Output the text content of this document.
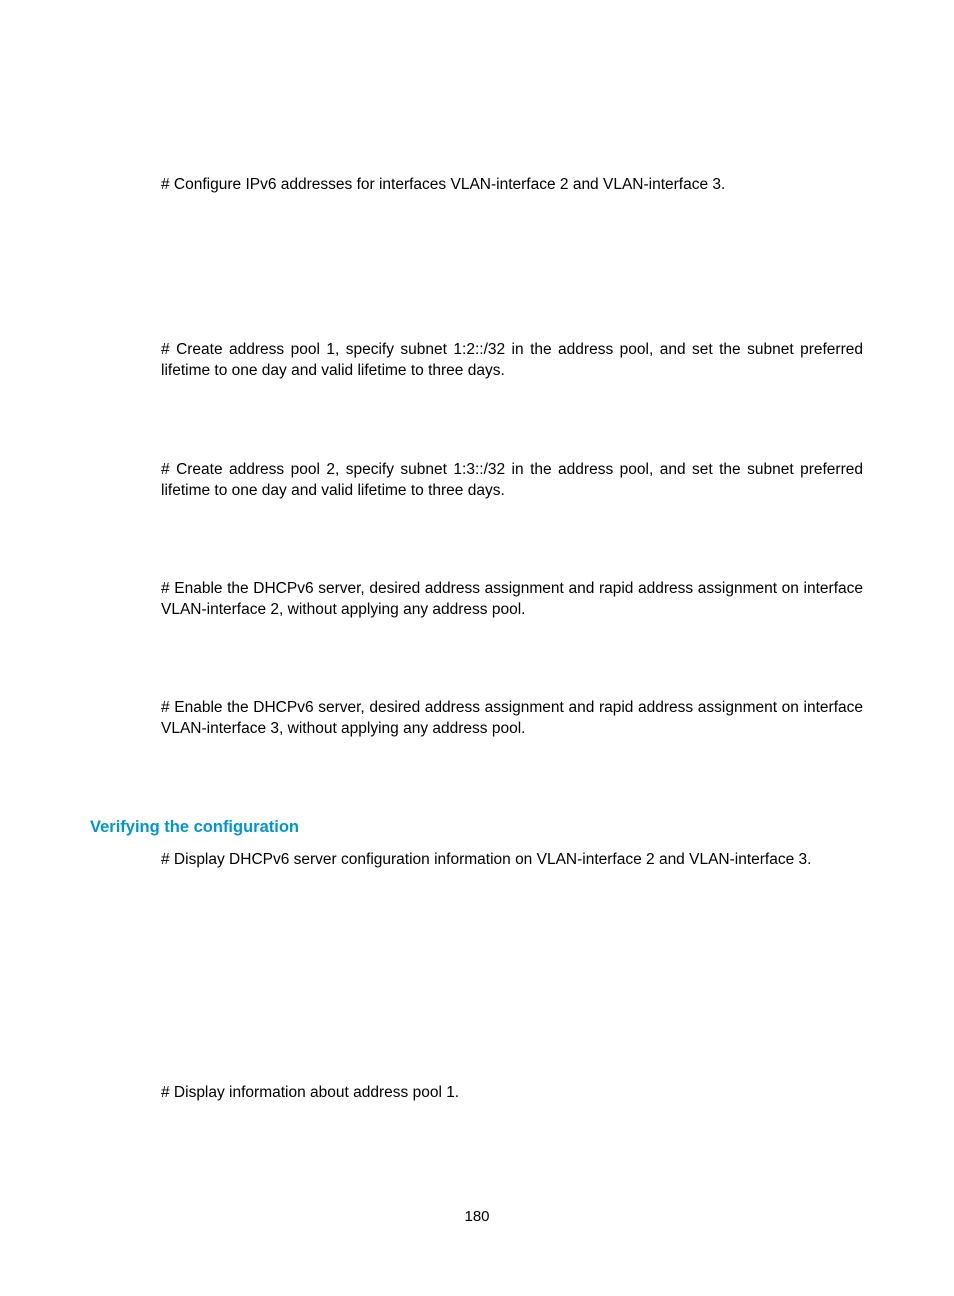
# Configure IPv6 addresses for interfaces VLAN-interface 2 and VLAN-interface 3.

# Create address pool 1, specify subnet 1:2::/32 in the address pool, and set the subnet preferred lifetime to one day and valid lifetime to three days.

# Create address pool 2, specify subnet 1:3::/32 in the address pool, and set the subnet preferred lifetime to one day and valid lifetime to three days.

# Enable the DHCPv6 server, desired address assignment and rapid address assignment on interface VLAN-interface 2, without applying any address pool.

# Enable the DHCPv6 server, desired address assignment and rapid address assignment on interface VLAN-interface 3, without applying any address pool.

Verifying the configuration

# Display DHCPv6 server configuration information on VLAN-interface 2 and VLAN-interface 3.

# Display information about address pool 1.

180
